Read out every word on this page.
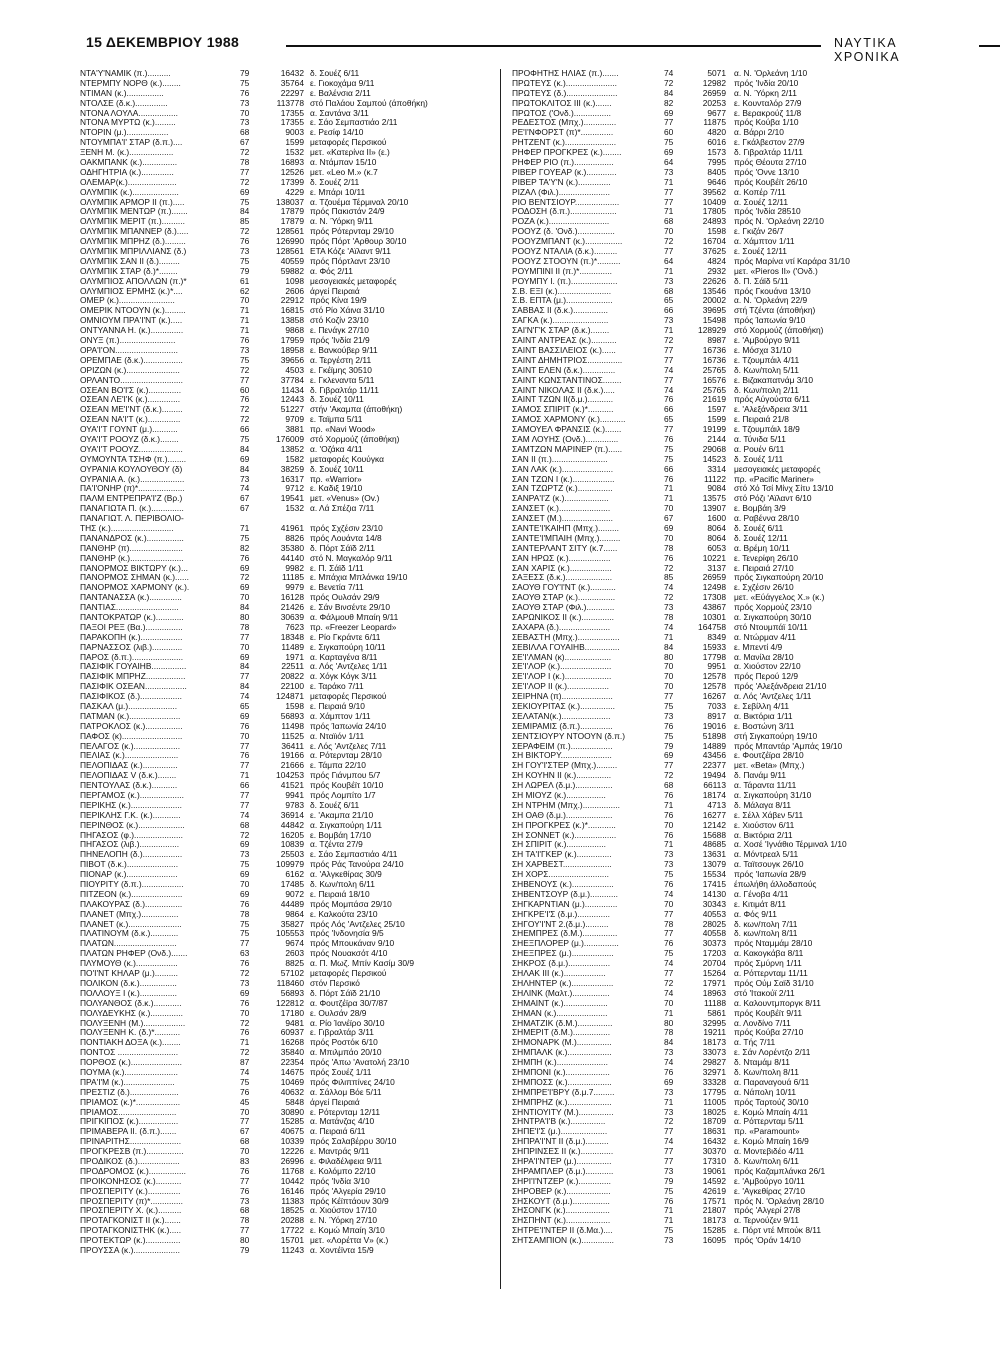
15 ΔΕΚΕΜΒΡΙΟΥ 1988	ΝΑΥΤΙΚΑ ΧΡΟΝΙΚΑ
ΝΤΑ'Υ'ΝΑΜΙΚ (π.)..........	79	16432 δ. Σουέζ 6/11
ΝΤΕΡΜΠΥ ΝΟΡΘ (κ.)........	75	35764 ε. Γιοκοχάμα 9/11
ΝΤΙΜΑΝ (κ.)................	76	22297 ε. Βαλένσια 2/11
ΝΤΟΛΣΕ (δ.κ.)..............	73	113778 στό Παλάου Σαμπού (άποθήκη)
ΝΤΟΝΑ ΛΟΥΛΑ.................	70	17355 α. Σαντάνα 3/11
ΝΤΟΝΑ ΜΥΡΤΩ (κ.).........	73	17355 ε. Σάο Σεμπαστιάο 2/11
ΝΤΟΡΙΝ (μ.)..................	68	9003 ε. Ρεσίφ 14/10
ΝΤΟΥΜΠΑ'Ι' ΣΤΑΡ (δ.π.)....	67	1599 μεταφορές Περσικού
ΞΕΝΗ Μ. (κ.)...................	72	1532 μετ. «Κατερίνα ΙΙ» (ε.)
ΟΑΚΜΠΑΝΚ (κ.)...............	78	16893 α. Ντάμπαν 15/10
ΟΔΗΓΗΤΡΙΑ (κ.)..............	77	12526 μετ. «Leo M.» (κ.7
ΟΛΕΜΑΡ(κ.).....................	72	17399 δ. Σουέζ 2/11
ΟΛΥΜΠΙΚ (κ.)....................	69	4229 ε. Μπάρι 10/11
ΟΛΥΜΠΙΚ ΑΡΜΟΡ ΙΙ (π.).....	75	138037 α. Τζουέμα Τέρμιναλ 20/10
ΟΛΥΜΠΙΚ ΜΕΝΤΩΡ (π.).......	84	17879 πρός Πακιστάν 24/9
ΟΛΥΜΠΙΚ ΜΕΡΙΤ (π.)..........	85	17879 α. Ν. Ύόρκη 9/11
ΟΛΥΜΠΙΚ ΜΠΑΝΝΕΡ (δ.).....	72	128561 πρός Ρότερνταμ 29/10
ΟΛΥΜΠΙΚ ΜΠΡΗΖ (δ.).........	76	126990 πρός Πόρτ 'Αρθουρ 30/10
ΟΛΥΜΠΙΚ ΜΠΡΙΛΛΙΑΝΣ (δ.)	73	128561 ΕΤΑ Κόζε 'Αϊλαντ 9/11
ΟΛΥΜΠΙΚ ΣΑΝ ΙΙ (δ.).........	75	40559 πρός Πόρτλαντ 23/10
ΟΛΥΜΠΙΚ ΣΤΑΡ (δ.)*........	79	59882 α. Φός 2/11
ΟΛΥΜΠΙΟΣ ΑΠΟΛΛΩΝ (π.)*	61	1098 μεσογειακές μεταφορές
ΟΛΥΜΠΙΟΣ ΕΡΜΗΣ (κ.)*....	62	2606 άργεί Πειραιά
ΟΜΕΡ (κ.)........................	70	22912 πρός Κίνα 19/9
ΟΜΕΡΙΚ ΝΤΟΟΥΝ (κ.).........	71	16815 στό Ρίο Χάινα 31/10
ΟΜΝΙΟΥΜ ΠΡΑ'Ι'ΝΤ (κ.).....	71	13858 στό Κοζίν 23/10
ΟΝΤΥΑΝΝΑ Η. (κ.)..............	71	9868 ε. Πενάγκ 27/10
ΟΝΥΞ (π.)........................	76	17959 πρός 'Ινδία 21/9
ΟΡΑ'Ι'ΟΝ...........................	73	18958 ε. Βανκούβερ 9/11
ΟΡΕΜΠΑΕ (δ.κ.).................	75	39656 α. Τεργέστη 2/11
ΟΡΙΖΩΝ (κ.).......................	72	4503 ε. Γκέϊμης 30510
ΟΡΛΑΝΤΟ...........................	77	37784 ε. Γκλεναντα 5/11
ΟΣΕΑΝ ΒΟ'Ι'Σ (κ.)..............	60	11434 δ. Γιβραλτάρ 11/11
ΟΣΕΑΝ ΛΕ'Ι'Κ (κ.)..............	76	12443 δ. Σουέζ 10/11
ΟΣΕΑΝ ΜΕ'Ι'ΝΤ (δ.κ.).........	72	51227 στήν 'Ακαμπα (άποθήκη)
ΟΣΕΑΝ ΝΑ'Ι'Τ (κ.)..............	72	9709 ε. Ταϊμπα 5/11
ΟΥΑ'Ι'Τ ΓΟΥΝΤ (μ.)...........	66	3881 πρ. «Navi Wood»
ΟΥΑ'Ι'Τ ΡΟΟΥΖ (δ.κ.)........	75	176009 στό Χορμούζ (άποθήκη)
ΟΥΑ'Ι'Τ ΡΟΟΥΖ...................	84	13852 α. 'Οζάκα 4/11
ΟΥΜΟΥΝΤΑ ΤΣΗΦ (π.)........	69	1582 μεταφορές Κουύγκα
ΟΥΡΑΝΙΑ ΚΟΥΛΟΥΘΟΥ (δ)	84	38259 δ. Σουέζ 10/11
ΟΥΡΑΝΙΑ Α. (κ.)...................	73	16317 πρ. «Warrior»
ΠΑ'Ι'ΟΝΗΡ (π)*....................	74	9712 ε. Καδιξ 19/10
ΠΑΛΜ ΕΝΤΡΕΠΡΑ'Ι'Ζ (Βρ.)	67	19541 μετ. «Venus» (Ov.)
ΠΑΝΑΓΙΩΤΑ Π. (κ.)..............	67	1532 α. Λά Σπέζια 7/11
ΠΑΝΑΓΙΩΤ. Λ. ΠΕΡΙΒΟΛΙΟ-
ΤΗΣ (κ.)...........................	71	41961 πρός Σχζέσιν 23/10
ΠΑΝΑΝΔΡΟΣ (κ.)................	75	8826 πρός Λουάντα 14/8
ΠΑΝΘΗΡ (π).......................	82	35380 δ. Πόρτ Σάϊδ 2/11
ΠΑΝΘΗΡ (κ.).......................	76	44140 στό Ν. Μαγκαλόρ 9/11
ΠΑΝΟΡΜΟΣ ΒΙΚΤΩΡΥ (κ.)...	69	9982 ε. Π. Σάϊδ 1/11
ΠΑΝΟΡΜΟΣ ΣΗΜΑΝ (κ.)......	72	11185 ε. Μπάχια Μπλάνκα 19/10
ΠΑΝΟΡΜΟΣ ΧΑΡΜΟΝΥ (κ.).	69	9979 ε. Βενετία 7/11
ΠΑΝΤΑΝΑΣΣΑ (κ.)..............	70	16128 πρός Ουλσάν 29/9
ΠΑΝΤΙΑΣ...........................	84	21426 ε. Σάν Βινσέντε 29/10
ΠΑΝΤΟΚΡΑΤΩΡ (κ.)............	80	30639 α. Φάλμουθ Μπαίη 9/11
ΠΑΞΟΙ ΡΕΞ (Βα.)................	78	7623 πρ. «Freezer Leopard»
ΠΑΡΑΚΟΠΗ (κ.)..................	77	18348 ε. Ρίο Γκράντε 6/11
ΠΑΡΝΑΣΣΟΣ (λιβ.).............	70	11489 ε. Σιγκαπούρη 10/11
ΠΑΡΟΣ (δ.π.)......................	69	1971 α. Καρταγένα 8/11
ΠΑΣΙΦΙΚ ΓΟΥΑΙΗΒ...............	84	22511 α. Λός 'Αντζελες 1/11
ΠΑΣΙΦΙΚ ΜΠΡΗΖ.................	77	20822 α. Χόγκ Κόγκ 3/11
ΠΑΣΙΦΙΚ ΟΣΕΑΝ..................	84	22100 ε. Ταράκο 7/11
ΠΑΣΙΦΙΚΟΣ (δ.)..................	74	124871 μεταφορές Περσικού
ΠΑΣΚΑΛ (μ.).....................	65	1598 ε. Πειραιά 9/10
ΠΑΤΜΑΝ (κ.)......................	69	56893 α. Χάμπτον 1/11
ΠΑΤΡΟΚΛΟΣ (κ.)................	76	11498 πρός Ίαπωνία 24/10
ΠΑΦΟΣ (κ)..........................	70	11525 α. Νταϊιόν 1/11
ΠΕΛΑΓΟΣ (κ.)....................	77	36411 ε. Λός 'Αντζελες 7/11
ΠΕΛΙΑΣ (κ.).......................	76	19166 α. Ρότερνταμ 28/10
ΠΕΛΟΠΙΔΑΣ (κ.)...............	77	21666 ε. Τάμπα 22/10
ΠΕΛΟΠΙΔΑΣ V (δ.κ.)........	71	104253 πρός Γιάνμπου 5/7
ΠΕΝΤΟΥΛΑΣ (δ.κ.)...........	66	41521 πρός Κουβέϊτ 10/10
ΠΕΡΓΑΜΟΣ (κ.)...................	77	9941 πρός Λομπίτο 1/7
ΠΕΡΙΚΗΣ (κ.)......................	77	9783 δ. Σουέζ 6/11
ΠΕΡΙΚΛΗΣ Γ.Κ. (κ.)............	74	36914 ε. 'Ακαμπα 21/10
ΠΕΡΙΝΘΟΣ (κ.)....................	68	44842 α. Σιγκαπούρη 1/11
ΠΗΓΑΣΟΣ (φ.).....................	72	16205 ε. Βομβάη 17/10
ΠΗΓΑΣΟΣ (λιβ.).................	69	10839 α. Τζέντα 27/9
ΠΗΝΕΛΟΠΗ (δ.).................	73	25503 ε. Σάο Σεμπαστιάο 4/11
ΠΙΒΟΤ (δ.κ.)......................	75	109979 πρός Ράς Τανούρα 24/10
ΠΙΟΝΑΡ (κ.)......................	69	6162 α. 'Αλγκεθίρας 30/9
ΠΙΟΥΡΙΤΥ (δ.π.)..................	70	17485 δ. Κων/πολη 6/11
ΠΙΤΖΕΟΝ (κ.)......................	69	9072 ε. Πειραιά 18/10
ΠΛΑΚΟΥΡΑΣ (δ.)................	76	44489 πρός Μομπάσα 29/10
ΠΛΑΝΕΤ (Μπχ.)................	78	9864 ε. Καλκούτα 23/10
ΠΛΑΝΕΤ (κ.).......................	75	35827 πρός Λός 'Αντζελες 25/10
ΠΛΑΤΙΝΟΥΜ (δ.κ.)............	75	105553 πρός 'Ινδονησία 9/5
ΠΛΑΤΩΝ...........................	77	9674 πρός Μπουκάναν 9/10
ΠΛΑΤΩΝ ΡΗΦΕΡ (Ονδ.).......	63	2603 πρός Νουακσότ 4/10
ΠΛΥΜΟΥΘ (κ.)..................	76	8825 α. Π. Μωζ. Μπίν Κασίμ 30/9
ΠΟ'Ι'ΝΤ ΚΗΛΑΡ (μ.)..........	72	57102 μεταφορές Περσικού
ΠΟΛΙΚΟΝ (δ.κ.)................	73	118460 στόν Περσικό
ΠΟΛΛΟΥΞ Ι (κ.)................	69	56893 δ. Πόρτ Σάϊδ 21/10
ΠΟΛΥΑΝΘΟΣ (δ.κ.)............	76	122812 α. Φουτζέϊρα 30/7/87
ΠΟΛΥΔΕΥΚΗΣ (κ.)..............	70	17180 ε. Ουλσάν 28/9
ΠΟΛΥΞΕΝΗ (Μ.)..................	72	9481 α. Ρίο Ίανέϊρο 30/10
ΠΟΛΥΞΕΝΗ Κ. (δ.)*...........	76	60937 ε. Γιβραλτάρ 3/11
ΠΟΝΤΙΑΚΗ ΔΟΞΑ (κ.)........	71	16268 πρός Ροστόκ 6/10
ΠΟΝΤΟΣ ..........................	72	35840 α. Μπιλμπάο 20/10
ΠΟΡΘΟΣ (κ.)......................	87	22354 πρός 'Απω 'Ανατολή 23/10
ΠΟΥΜΑ (κ.).......................	74	14675 πρός Σουέζ 1/11
ΠΡΑ'Ι'Μ (κ.)......................	75	10469 πρός Φιλιππίνες 24/10
ΠΡΕΣΤΙΖ (δ.).....................	76	40632 α. Σάλλομ Βόε 5/11
ΠΡΙΑΜΟΣ (κ.)*...................	45	5848 άργεί Πειραιά
ΠΡΙΑΜΟΣ.........................	70	30890 ε. Ρότερνταμ 12/11
ΠΡΙΓΚΙΠΟΣ (κ.).................	77	15285 α. Ματάνζας 4/10
ΠΡΙΜΑΒΕΡΑ ΙΙ. (δ.π.).......	67	40675 α. Πειραιά 6/11
ΠΡΙΝΑΡΙΤΗΣ......................	68	10339 πρός Σαλαβέρρυ 30/10
ΠΡΟΓΚΡΕΣΒ (π.)................	70	12226 ε. Μαντράς 9/11
ΠΡΟΔΙΚΟΣ (δ.)..................	83	26996 ε. Φιλαδέλφεια 9/11
ΠΡΟΔΡΟΜΟΣ (κ.)................	76	11768 ε. Κολόμπο 22/10
ΠΡΟΙΚΟΝΗΣΟΣ (κ.)...........	77	10442 πρός 'Ινδία 3/10
ΠΡΟΣΠΕΡΙΤΥ (κ.)..............	76	16146 πρός 'Αλγερία 29/10
ΠΡΟΣΠΕΡΙΤΥ (π)*..............	73	11383 πρός Κέϊπτάουν 30/9
ΠΡΟΣΠΕΡΙΤΥ Χ. (κ.)..........	68	18525 α. Χιούστον 17/10
ΠΡΟΤΑΓΚΟΝΙΣΤ ΙΙ (κ.).......	78	20288 ε. Ν. Ύόρκη 27/10
ΠΡΟΤΑΓΚΟΝΙΣΤΗΚ (κ.).....	77	17722 ε. Κομώ Μπαίη 3/10
ΠΡΟΤΕΚΤΩΡ (κ.)...............	80	15701 μετ. «Λορέττα V» (κ.)
ΠΡΟΥΣΣΑ (κ.)....................	79	11243 α. Χοντέϊντα 15/9
ΠΡΟΦΗΤΗΣ ΗΛΙΑΣ (π.).......	74	5071 α. Ν. 'Ορλεάνη 1/10
ΠΡΩΤΕΥΣ (κ.)......................	72	12982 πρός 'Ινδία 20/10
ΠΡΩΤΕΥΣ (δ.)......................	84	26959 α. Ν. Ύόρκη 2/11
ΠΡΩΤΟΚΛΙΤΟΣ ΙΙΙ (κ.).......	82	20253 ε. Κουνταλόρ 27/9
ΠΡΩΤΟΣ ('Ονδ.)................	69	9677 ε. Βερακρούζ 11/8
ΡΕΔΕΣΤΟΣ (Μπχ.)..............	77	11875 πρός Κούβα 1/10
ΡΕ'Ι'ΝΦΟΡΣΤ (π)*..............	60	4820 α. Βάρρι 2/10
ΡΗΤΖΕΝΤ (κ.)......................	75	6016 ε. Γκάλβεστον 27/9
ΡΗΦΕΡ ΠΡΟΓΚΡΕΣ (κ.)........	69	1573 δ. Γιβραλτάρ 11/11
ΡΗΦΕΡ ΡΙΟ (π.).................	64	7995 πρός Θέουτα 27/10
ΡΙΒΕΡ ΓΟΥΕΑΡ (κ.).............	73	8405 πρός 'Οννε 13/10
ΡΙΒΕΡ ΤΑ'Υ'Ν (κ.)..............	71	9646 πρός Κουβέϊτ 26/10
ΡΙΖΑΛ (Φιλ.)......................	77	39562 α. Κοπέρ 7/11
ΡΙΟ ΒΕΝΤΣΙΟΥΡ...................	77	10409 α. Σουέζ 12/11
ΡΟΔΟΣΗ (δ.π.)....................	71	17805 πρός 'Ινδία 28510
ΡΟΖΑ (κ.)..........................	68	24893 πρός Ν. 'Ορλεάνη 22/10
ΡΟΟΥΖ (δ. 'Ονδ.)................	70	1598 ε. Γκιζάν 26/7
ΡΟΟΥΖΜΠΑΝΤ (κ.)................	72	16704 α. Χάμπτον 1/11
ΡΟΟΥΖ ΝΤΑΛΙΑ (δ.κ.)..........	77	37625 ε. Σουέζ 12/11
ΡΟΟΥΖ ΣΤΟΟΥΝ (π.)*..........	64	4824 πρός Μαρίνα ντί Καράρα 31/10
ΡΟΥΜΠΙΝΙ ΙΙ (π.)*..............	71	2932 μετ. «Pieros II» ('Ονδ.)
ΡΟΥΜΠΥ Ι. (π.)....................	73	22626 δ. Π. Σάϊδ 5/11
Σ.Β. ΕΞΙ (κ.).......................	68	13546 πρός Γκουάνα 13/10
Σ.Β. ΕΠΤΑ (μ.)....................	65	20002 α. Ν. 'Ορλεάνη 22/9
ΣΑΒΒΑΣ ΙΙ (δ.κ.)...............	66	39695 στή Τζέντα (άποθήκη)
ΣΑΓΚΑ (κ.)........................	73	15498 πρός Ίαπωνία 9/10
ΣΑΙ'Ν'Γ'Κ ΣΤΑΡ (δ.κ.)........	71	128929 στό Χορμούζ (άποθήκη)
ΣΑΙΝΤ ΑΝΤΡΕΑΣ (κ.)...........	72	8987 ε. 'Αμβούργο 9/11
ΣΑΙΝΤ ΒΑΣΣΙΛΕΙΟΣ (κ.)......	77	16736 ε. Μόσχα 31/10
ΣΑΙΝΤ ΔΗΜΗΤΡΙΟΣ...............	77	16736 ε. Τζουμπάιλ 4/11
ΣΑΙΝΤ ΕΛΕΝ (δ.κ.)..............	74	25765 δ. Κων/πολη 5/11
ΣΑΙΝΤ ΚΩΝΣΤΑΝΤΙΝΟΣ........	77	16576 ε. Βιζακαπατνάμ 3/10
ΣΑΙΝΤ ΝΙΚΟΛΑΣ ΙΙ (δ.κ.).....	74	25765 δ. Κων/πολη 2/11
ΣΑΙΝΤ ΤΖΩΝ ΙΙ(δ.μ.)...........	76	21619 πρός Αύγούστα 6/11
ΣΑΜΟΣ ΣΠΙΡΙΤ (κ.)*...........	66	1597 ε. 'Αλεξάνδρεια 3/11
ΣΑΜΟΣ ΧΑΡΜΟΝΥ (κ.)...........	65	1599 ε. Πειραιά 21/8
ΣΑΜΟΥΕΛ ΦΡΑΝΣΙΣ (κ.).......	77	19199 ε. Τζουμπάιλ 18/9
ΣΑΜ ΛΟΥΗΣ (Ονδ.)..............	76	2144 α. Τύνιδα 5/11
ΣΑΜΤΖΩΝ ΜΑΡΙΝΕΡ (π.)......	75	29068 α. Ρουέν 6/11
ΣΑΝ ΙΙ (π.)........................	75	14523 δ. Σουέζ 1/11
ΣΑΝ ΛΑΚ (κ.)......................	66	3314 μεσογειακές μεταφορές
ΣΑΝ ΤΖΩΝ Ι (κ.)..................	76	11122 πρ. «Pacific Mariner»
ΣΑΝ ΤΖΩΡΤΖ (κ.)...............	71	9084 στό Χό Τσί Μίνχ Σίτυ 13/10
ΣΑΝΡΑ'Ι'Ζ (κ.)...................	71	13575 στό Ρόζι 'Αϊλαντ 6/10
ΣΑΝΣΕΤ (κ.)......................	70	13907 ε. Βομβάη 3/9
ΣΑΝΣΕΤ (Μ.)......................	67	1600 α. Ραβέννα 28/10
ΣΑΝΤΕ'Ι'ΚΑΙΗΠ (Μπχ.).........	69	8064 δ. Σουέζ 6/11
ΣΑΝΤΕ'Ι'ΜΠΑΙΗ (Μπχ.).........	70	8064 δ. Σουέζ 12/11
ΣΑΝΤΕΡΛΑΝΤ ΣΙΤΥ (κ.7......	78	6053 α. Βρέμη 10/11
ΣΑΝ ΗΡΩΣ (κ.)..................	76	10221 ε. Τενερίφη 26/10
ΣΑΝ ΧΑΡΙΣ (κ.)..................	72	3137 ε. Πειραιά 27/10
ΣΑΞΕΣΣ (δ.κ.)....................	85	26959 πρός Σιγκαπούρη 20/10
ΣΑΟΥΘ ΓΟΥ'Ι'ΝΤ (κ.)...........	74	12498 ε. Σχζέσιν 26/10
ΣΑΟΥΘ ΣΤΑΡ (κ.)................	72	17308 μετ. «Εύάγγελος Χ.» (κ.)
ΣΑΟΥΘ ΣΤΑΡ (Φιλ.)............	73	43867 πρός Χορμούζ 23/10
ΣΑΡΩΝΙΚΟΣ ΙΙ (κ.)..............	78	10301 α. Σιγκαπούρη 30/10
ΣΑΧΑΡΑ (δ.)......................	74	164758 στό Ντουμπάϊ 10/11
ΣΕΒΑΣΤΗ (Μπχ.)..................	71	8349 α. Ντώρμαν 4/11
ΣΕΒΙΛΛΑ ΓΟΥΑΙΗΒ...............	84	15933 ε. Μπεντί 4/9
ΣΕ'Ι'ΛΜΑΝ (κ)....................	80	17798 α. Μανίλα 28/10
ΣΕ'Ι'ΛΟΡ (κ.)......................	70	9951 α. Χιούστον 22/10
ΣΕ'Ι'ΛΟΡ Ι (κ.)....................	70	12578 πρός Περού 12/9
ΣΕ'Ι'ΛΟΡ ΙΙ (κ.)..................	70	12578 πρός 'Αλεξάνδρεια 21/10
ΣΕΙΡΗΝΑ (π)......................	77	16267 α. Λός 'Αντζελες 1/11
ΣΕΚΙΟΥΡΙΤΑΣ (κ.)...............	75	7033 ε. Σεβίλλη 4/11
ΣΕΛΑΤΑΝ(κ.).....................	73	8917 α. Βικτόρια 1/11
ΣΕΜΙΡΑΜΙΣ (δ.π.)..............	76	19016 ε. Βοστώνη 3/11
ΣΕΝΤΣΙΟΥΡΥ ΝΤΟΟΥΝ (δ.π.)	75	51898 στή Σιγκαπούρη 19/10
ΣΕΡΑΦΕΙΜ (π.)..................	79	14889 πρός Μπαντάρ 'Αμπάς 19/10
ΣΗ ΒΙΚΤΟΡΥ......................	69	43456 ε. Φουτζέϊρα 28/10
ΣΗ ΓΟΥ'Ι'ΣΤΕΡ (Μπχ.).........	77	22377 μετ. «Beta» (Μπχ.)
ΣΗ ΚΟΥΗΝ ΙΙ (κ.)...............	72	19494 δ. Πανάμ 9/11
ΣΗ ΛΩΡΕΛ (δ.μ.)................	68	66113 α. Τάραντα 11/11
ΣΗ ΜΙΟΥΖ (κ.).................	76	18174 α. Σιγκαπούρη 31/10
ΣΗ ΝΤΡΗΜ (Μπχ.)................	71	4713 δ. Μάλαγα 8/11
ΣΗ ΟΑΘ (δ.μ.)....................	76	16277 ε. Σέλλ Χάβεν 5/11
ΣΗ ΠΡΟΓΚΡΕΣ (κ.)*............	70	12142 ε. Χιούστον 6/11
ΣΗ ΣΟΝΝΕΤ (κ.)..................	76	15688 α. Βικτόρια 2/11
ΣΗ ΣΠΙΡΙΤ (κ.).................	71	48685 α. Χοσέ 'Ιγνάθιο Τέρμιναλ 1/10
ΣΗ ΤΑ'Ι'ΓΚΕΡ (κ.)...............	73	13631 α. Μόντρεαλ 5/11
ΣΗ ΧΑΡΒΕΣΤ.....................	73	13079 α. Ταϊτσουγκ 26/10
ΣΗ ΧΟΡΣ..........................	75	15534 πρός 'Ιαπωνία 28/9
ΣΗΒΕΝΟΥΣ (κ.)..................	76	17415 έπωλήθη άλλοδαπούς
ΣΗΒΕΝΤΣΟΥΡ (δ.μ.)............	74	14130 α. Γένοβα 4/11
ΣΗΓΚΑΡΝΤΙΑΝ (μ.)..............	70	30343 ε. Κιτιμάτ 8/11
ΣΗΓΚΡΕ'Ι'Σ (δ.μ.)..............	77	40553 α. Φός 9/11
ΣΗΓΟΥ'Ι'ΝΤ 2.(δ.μ.)..........	78	28025 δ. κων/πολη 7/11
ΣΗΕΜΠΡΕΣ (δ.Μ.)...............	77	40558 δ. κων/πολη 8/11
ΣΗΕΞΠΛΟΡΕΡ (μ.)...............	76	30373 πρός Νταμμάμ 28/10
ΣΗΕΞΠΡΕΣ (μ.)..................	75	17203 α. Κακογκάβα 8/11
ΣΗΚΡΟΣ (δ.μ.)..................	74	20704 πρός Σμύρνη 1/11
ΣΗΛΑΚ ΙΙΙ (κ.)..................	77	15264 α. Ρόττερνταμ 11/11
ΣΗΛΗΝΤΕΡ (κ.)..................	72	17971 πρός Ούμ Σαϊδ 31/10
ΣΗΛΙΝΚ (Μαλτ.)................	74	18963 στό 'Ιτακούϊ 2/11
ΣΗΜΑΙΝΤ (κ.)...................	70	11188 α. Καλουντμποργκ 8/11
ΣΗΜΑΝ (κ.)......................	71	5861 πρός Κουβέϊτ 9/11
ΣΗΜΑΤΖΙΚ (δ.Μ.)...............	80	32995 α. Λονδίνο 7/11
ΣΗΜΕΡΙΤ (δ.Μ.)................	78	19211 πρός Κούβα 27/10
ΣΗΜΟΝΑΡΚ (Μ.)...............	84	18173 α. Τής 7/11
ΣΗΜΠΑΛΚ (κ.)...................	73	33073 ε. Σάν Λορέντζο 2/11
ΣΗΜΠΗ (κ.)......................	74	29827 δ. Νταμάμ 8/11
ΣΗΜΠΟΝΙ (κ.)...................	76	32971 δ. Κων/πολη 8/11
ΣΗΜΠΟΣΣ (κ.)...................	69	33328 α. Παραναγουά 6/11
ΣΗΜΠΡΕ'Ι'ΒΡΥ (δ.μ.7.........	73	17795 α. Νάπολη 10/11
ΣΗΜΠΡΗΖ (κ.)...................	71	11005 πρός Ταρτούζ 30/10
ΣΗΝΤΙΟΥΙΤΥ (Μ.)...............	73	18025 ε. Κομώ Μπαίη 4/11
ΣΗΝΤΡΑ'Ι'Β (κ.)...............	72	18709 α. Ρόττερνταμ 5/11
ΣΗΠΕ'Ι'Σ (μ.)....................	77	18631 πρ. «Paramount»
ΣΗΠΡΑ'Ι'ΝΤ ΙΙ (δ.μ.)..........	74	16432 ε. Κομώ Μπαίη 16/9
ΣΗΠΡΙΝΣΕΣ ΙΙ (κ.)..............	77	30370 α. Μοντεβιδέο 4/11
ΣΗΡΑ'Ι'ΝΤΕΡ (μ.)...............	77	17310 δ. Κων/πολη 6/11
ΣΗΡΑΜΠΛΕΡ (δ.μ.)............	73	19061 πρός Καζαμπλάνκα 26/1
ΣΗΡΙ'Ι'ΝΤΖΕΡ (κ.)..............	79	14592 ε. 'Αμβούργο 10/11
ΣΗΡΟΒΕΡ (κ.)...................	75	42619 ε. 'Αγκεθίρας 27/10
ΣΗΣΚΟΥΤ (δ.μ.)................	76	17571 πρός Ν. 'Ορλεάνη 28/10
ΣΗΣΟΝΓΚ (κ.)...................	71	21807 πρός 'Αλγερί 27/8
ΣΗΣΠΗΝΤ (κ.)...................	71	18173 α. Τερνούζεν 9/11
ΣΗΤΡΕ'Ι'ΝΤΕΡ ΙΙ (δ.Μα.)....	75	15285 ε. Πόρτ ντέ Μπούκ 8/11
ΣΗΤΣΑΜΠΙΟΝ (κ.)..............	73	16095 πρός 'Οράν 14/10
